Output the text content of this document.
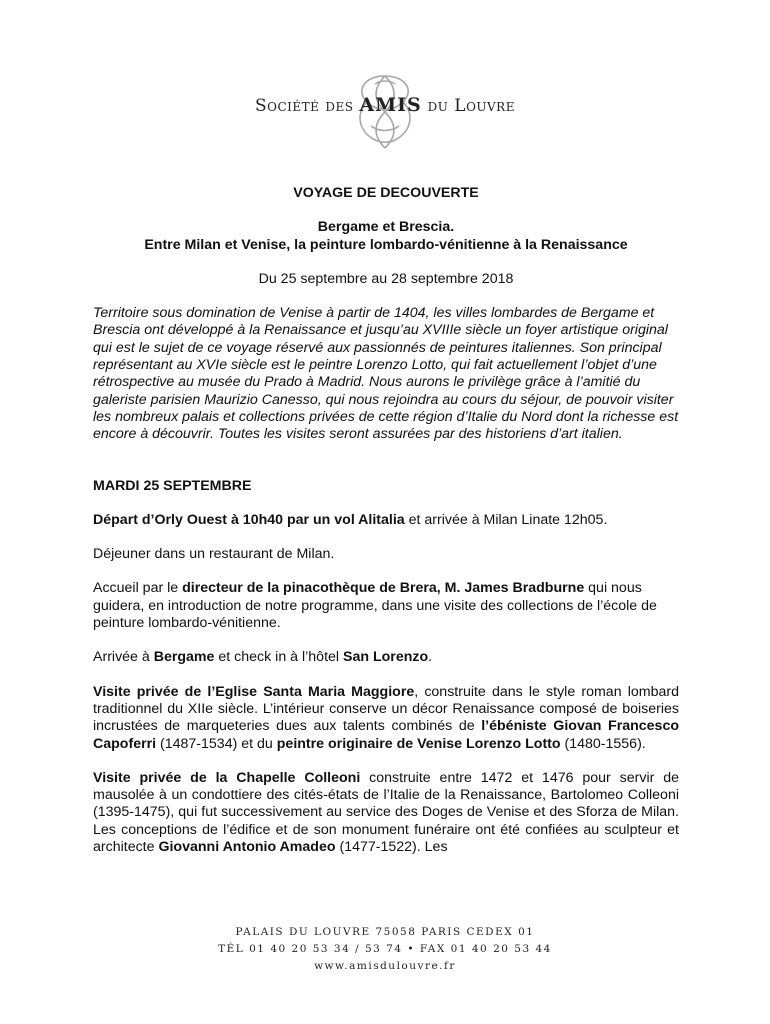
Société des AMIS du Louvre
VOYAGE DE DECOUVERTE
Bergame et Brescia.
Entre Milan et Venise, la peinture lombardo-vénitienne à la Renaissance
Du 25 septembre au 28 septembre 2018
Territoire sous domination de Venise à partir de 1404, les villes lombardes de Bergame et Brescia ont développé à la Renaissance et jusqu’au XVIIIe siècle un foyer artistique original qui est le sujet de ce voyage réservé aux passionnés de peintures italiennes. Son principal représentant au XVIe siècle est le peintre Lorenzo Lotto, qui fait actuellement l’objet d’une rétrospective au musée du Prado à Madrid. Nous aurons le privilège grâce à l’amitié du galeriste parisien Maurizio Canesso, qui nous rejoindra au cours du séjour, de pouvoir visiter les nombreux palais et collections privées de cette région d’Italie du Nord dont la richesse est encore à découvrir. Toutes les visites seront assurées par des historiens d’art italien.
MARDI 25 SEPTEMBRE

Départ d’Orly Ouest à 10h40 par un vol Alitalia et arrivée à Milan Linate 12h05.

Déjeuner dans un restaurant de Milan.

Accueil par le directeur de la pinacothèque de Brera, M. James Bradburne qui nous guidera, en introduction de notre programme, dans une visite des collections de l’école de peinture lombardo-vénitienne.

Arrivée à Bergame et check in à l’hôtel San Lorenzo.

Visite privée de l’Eglise Santa Maria Maggiore, construite dans le style roman lombard traditionnel du XIIe siècle. L’intérieur conserve un décor Renaissance composé de boiseries incrustées de marqueteries dues aux talents combinés de l’ébéniste Giovan Francesco Capoferri (1487-1534) et du peintre originaire de Venise Lorenzo Lotto (1480-1556).

Visite privée de la Chapelle Colleoni construite entre 1472 et 1476 pour servir de mausolée à un condottiere des cités-états de l’Italie de la Renaissance, Bartolomeo Colleoni (1395-1475), qui fut successivement au service des Doges de Venise et des Sforza de Milan. Les conceptions de l’édifice et de son monument funéraire ont été confiées au sculpteur et architecte Giovanni Antonio Amadeo (1477-1522). Les

PALAIS DU LOUVRE 75058 PARIS CEDEX 01
TÉL 01 40 20 53 34 / 53 74 • FAX 01 40 20 53 44
www.amisdulouvre.fr
